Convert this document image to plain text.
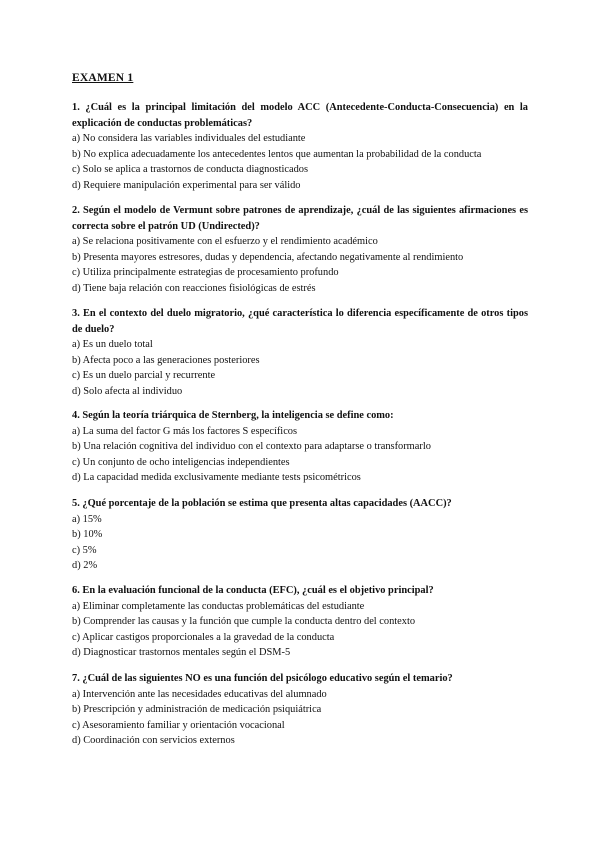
EXAMEN 1
1. ¿Cuál es la principal limitación del modelo ACC (Antecedente-Conducta-Consecuencia) en la explicación de conductas problemáticas?
a) No considera las variables individuales del estudiante
b) No explica adecuadamente los antecedentes lentos que aumentan la probabilidad de la conducta
c) Solo se aplica a trastornos de conducta diagnosticados
d) Requiere manipulación experimental para ser válido
2. Según el modelo de Vermunt sobre patrones de aprendizaje, ¿cuál de las siguientes afirmaciones es correcta sobre el patrón UD (Undirected)?
a) Se relaciona positivamente con el esfuerzo y el rendimiento académico
b) Presenta mayores estresores, dudas y dependencia, afectando negativamente al rendimiento
c) Utiliza principalmente estrategias de procesamiento profundo
d) Tiene baja relación con reacciones fisiológicas de estrés
3. En el contexto del duelo migratorio, ¿qué característica lo diferencia específicamente de otros tipos de duelo?
a) Es un duelo total
b) Afecta poco a las generaciones posteriores
c) Es un duelo parcial y recurrente
d) Solo afecta al individuo
4. Según la teoría triárquica de Sternberg, la inteligencia se define como:
a) La suma del factor G más los factores S específicos
b) Una relación cognitiva del individuo con el contexto para adaptarse o transformarlo
c) Un conjunto de ocho inteligencias independientes
d) La capacidad medida exclusivamente mediante tests psicométricos
5. ¿Qué porcentaje de la población se estima que presenta altas capacidades (AACC)?
a) 15%
b) 10%
c) 5%
d) 2%
6. En la evaluación funcional de la conducta (EFC), ¿cuál es el objetivo principal?
a) Eliminar completamente las conductas problemáticas del estudiante
b) Comprender las causas y la función que cumple la conducta dentro del contexto
c) Aplicar castigos proporcionales a la gravedad de la conducta
d) Diagnosticar trastornos mentales según el DSM-5
7. ¿Cuál de las siguientes NO es una función del psicólogo educativo según el temario?
a) Intervención ante las necesidades educativas del alumnado
b) Prescripción y administración de medicación psiquiátrica
c) Asesoramiento familiar y orientación vocacional
d) Coordinación con servicios externos
